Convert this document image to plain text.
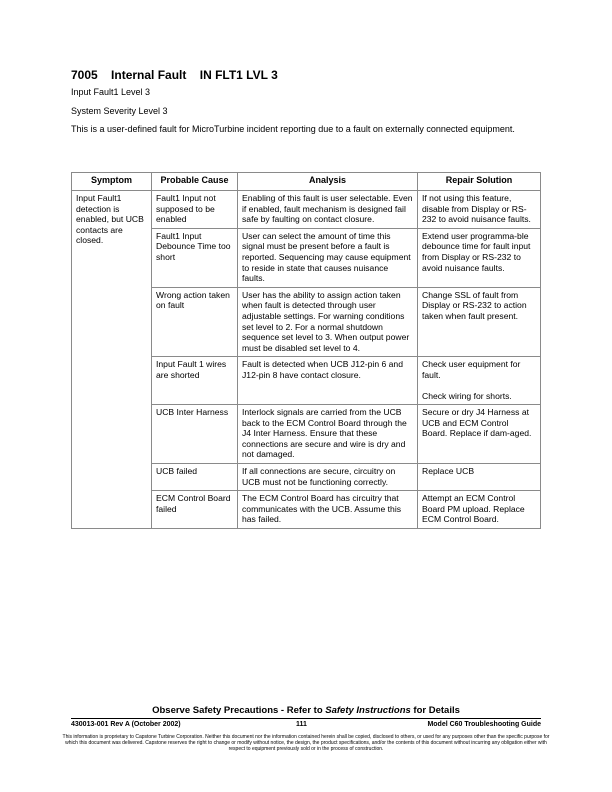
7005 Internal Fault IN FLT1 LVL 3
Input Fault1 Level 3
System Severity Level 3
This is a user-defined fault for MicroTurbine incident reporting due to a fault on externally connected equipment.
Symptom	Probable Cause	Analysis	Repair Solution
Input Fault1 detection is enabled, but UCB contacts are closed.	Fault1 Input not supposed to be enabled	Enabling of this fault is user selectable. Even if enabled, fault mechanism is designed fail safe by faulting on contact closure.	If not using this feature, disable from Display or RS-232 to avoid nuisance faults.
	Fault1 Input Debounce Time too short	User can select the amount of time this signal must be present before a fault is reported. Sequencing may cause equipment to reside in state that causes nuisance faults.	Extend user programma-ble debounce time for fault input from Display or RS-232 to avoid nuisance faults.
	Wrong action taken on fault	User has the ability to assign action taken when fault is detected through user adjustable settings. For warning conditions set level to 2. For a normal shutdown sequence set level to 3. When output power must be disabled set level to 4.	Change SSL of fault from Display or RS-232 to action taken when fault present.
	Input Fault 1 wires are shorted	Fault is detected when UCB J12-pin 6 and J12-pin 8 have contact closure.	Check user equipment for fault.
Check wiring for shorts.

	UCB Inter Harness	Interlock signals are carried from the UCB back to the ECM Control Board through the J4 Inter Harness. Ensure that these connections are secure and wire is dry and not damaged.	Secure or dry J4 Harness at UCB and ECM Control Board. Replace if dam-aged.
	UCB failed	If all connections are secure, circuitry on UCB must not be functioning correctly.	Replace UCB
	ECM Control Board failed	The ECM Control Board has circuitry that communicates with the UCB. Assume this has failed.	Attempt an ECM Control Board PM upload. Replace ECM Control Board.
Observe Safety Precautions - Refer to Safety Instructions for Details
430013-001 Rev A (October 2002)	111	Model C60 Troubleshooting Guide
This information is proprietary to Capstone Turbine Corporation. Neither this document nor the information contained herein shall be copied, disclosed to others, or used for any purposes other than the specific purpose for which this document was delivered. Capstone reserves the right to change or modify without notice, the design, the product specifications, and/or the contents of this document without incurring any obligation either with respect to equipment previously sold or in the process of construction.
